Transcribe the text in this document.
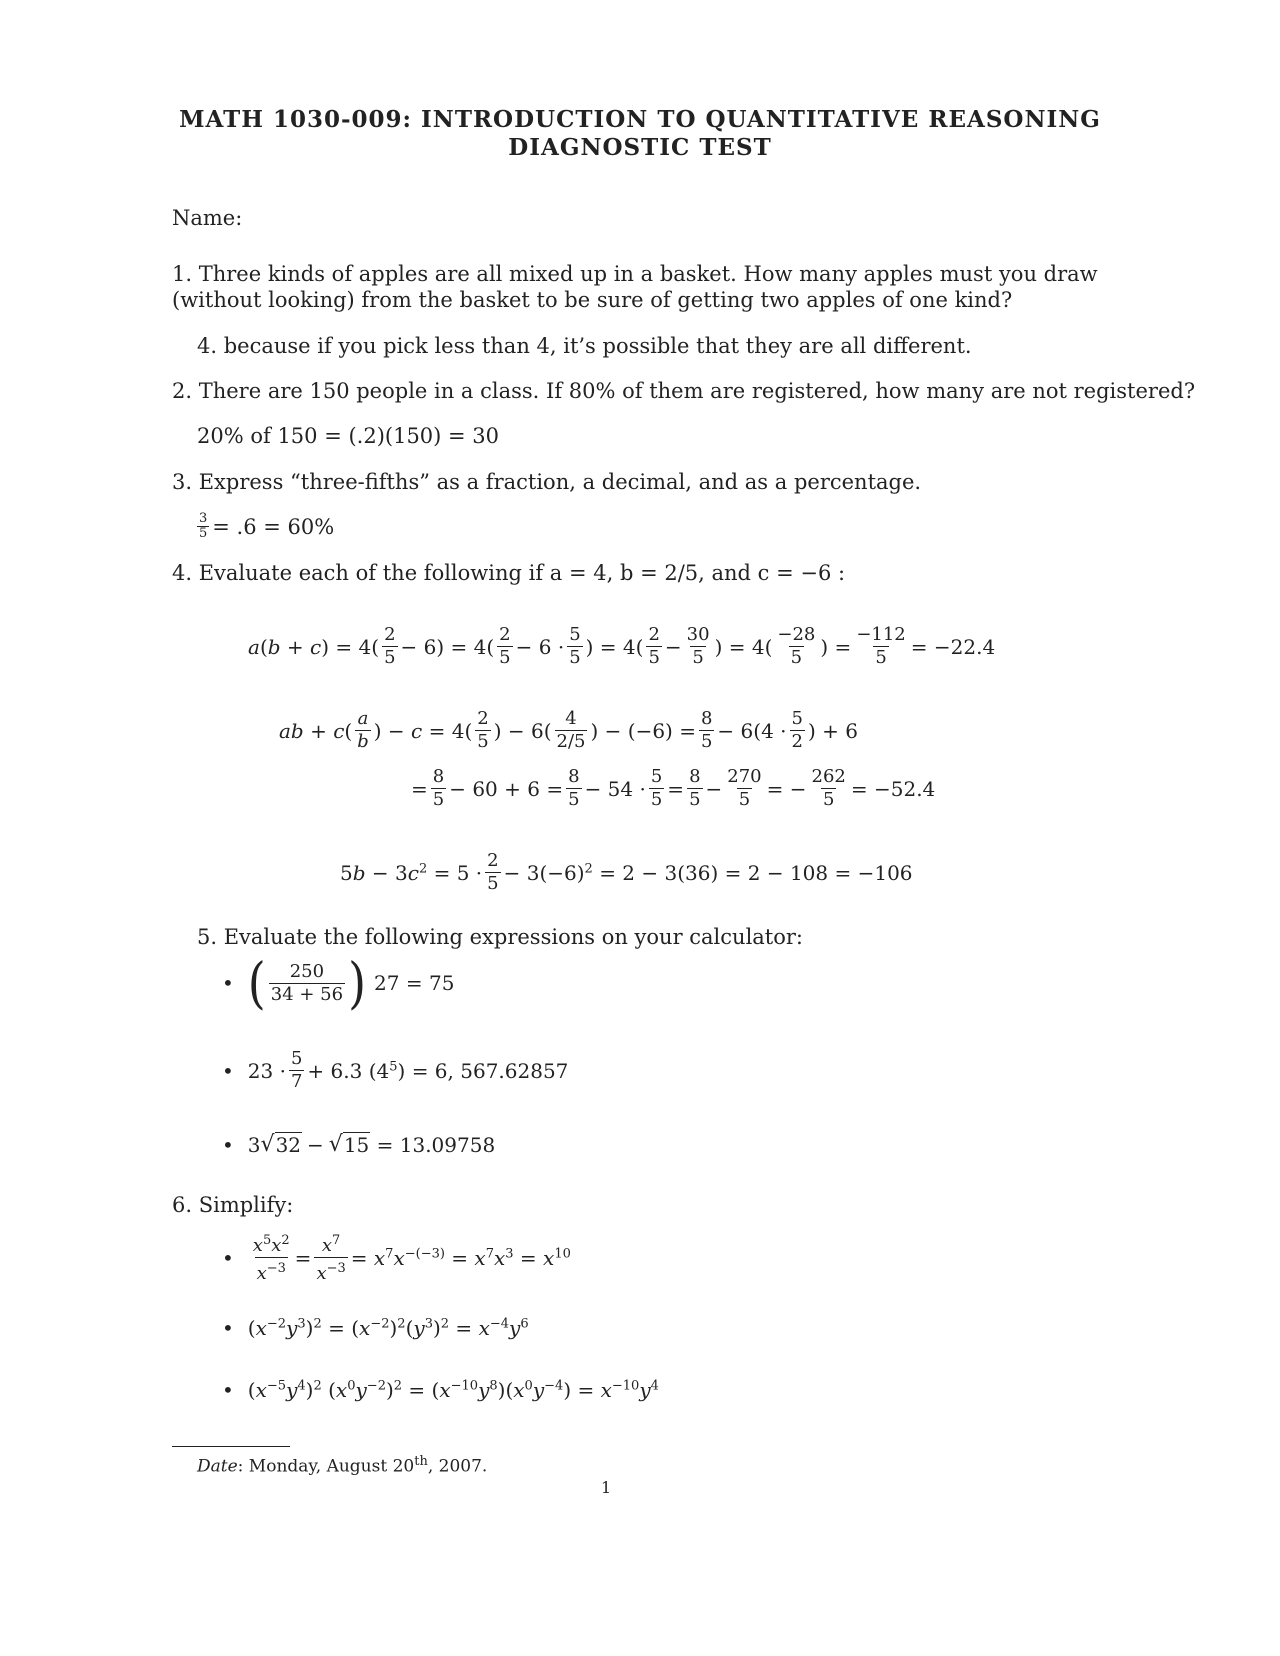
MATH 1030-009: INTRODUCTION TO QUANTITATIVE REASONING
DIAGNOSTIC TEST
Name:
1. Three kinds of apples are all mixed up in a basket. How many apples must you draw
(without looking) from the basket to be sure of getting two apples of one kind?
4. because if you pick less than 4, it’s possible that they are all different.
2. There are 150 people in a class. If 80% of them are registered, how many are not registered?
20% of 150 = (.2)(150) = 30
3. Express “three-fifths” as a fraction, a decimal, and as a percentage.
$\frac{3}{5} = .6 = 60\%$
4. Evaluate each of the following if a = 4, b = 2/5, and c = −6 :
$a(b + c) = 4( \frac{2}{5} - 6) = 4( \frac{2}{5} - 6 \cdot \frac{5}{5}$ ) = $4( \frac{2}{5} - \frac{30}{5}$ ) = $4( \frac{-28}{5}$ ) = $\frac{-112}{5} = -22.4$
ab + $c( \frac{a}{b}$ ) − $c = 4( \frac{2}{5}$ ) − $6( \frac{4}{2/5}$ ) − $(-6) = \frac{8}{5} - 6(4 \cdot \frac{5}{2}$ ) + 6
= $\frac{8}{5} - 60 + 6 = \frac{8}{5} - 54 \cdot \frac{5}{5} = \frac{8}{5} - \frac{270}{5}$ = − $\frac{262}{5} = -52.4$
$5b - 3c^2 = 5 \cdot \frac{2}{5} - 3(-6)^2 = 2 - 3(36) = 2 - 108 = -106$
5. Evaluate the following expressions on your calculator:
• ( $\frac{250}{34 + 56}$ ) 27 = 75
• $23 \cdot \frac{5}{7} + 6.3$ $(4^5) = 6$, 567.62857
• 3 √ 32 − √ 15
= 13.09758
6. Simplify:
• $\frac{x^5x^2}{x^{-3}} = \frac{x^7}{x^{-3}} = x^7x^{-(-3)} = x^7x^3 = x^{10}$
• $(x^{-2}y^3)^2 = (x^{-2})^2(y^3)^2 = x^{-4}y^6$
• $(x^{-5}y^4)^2$ $(x^0y^{-2})^2 = (x^{-10}y^8)(x^0y^{-4}) = x^{-10}y^4$
Date: Monday, August 20th, 2007.
1
